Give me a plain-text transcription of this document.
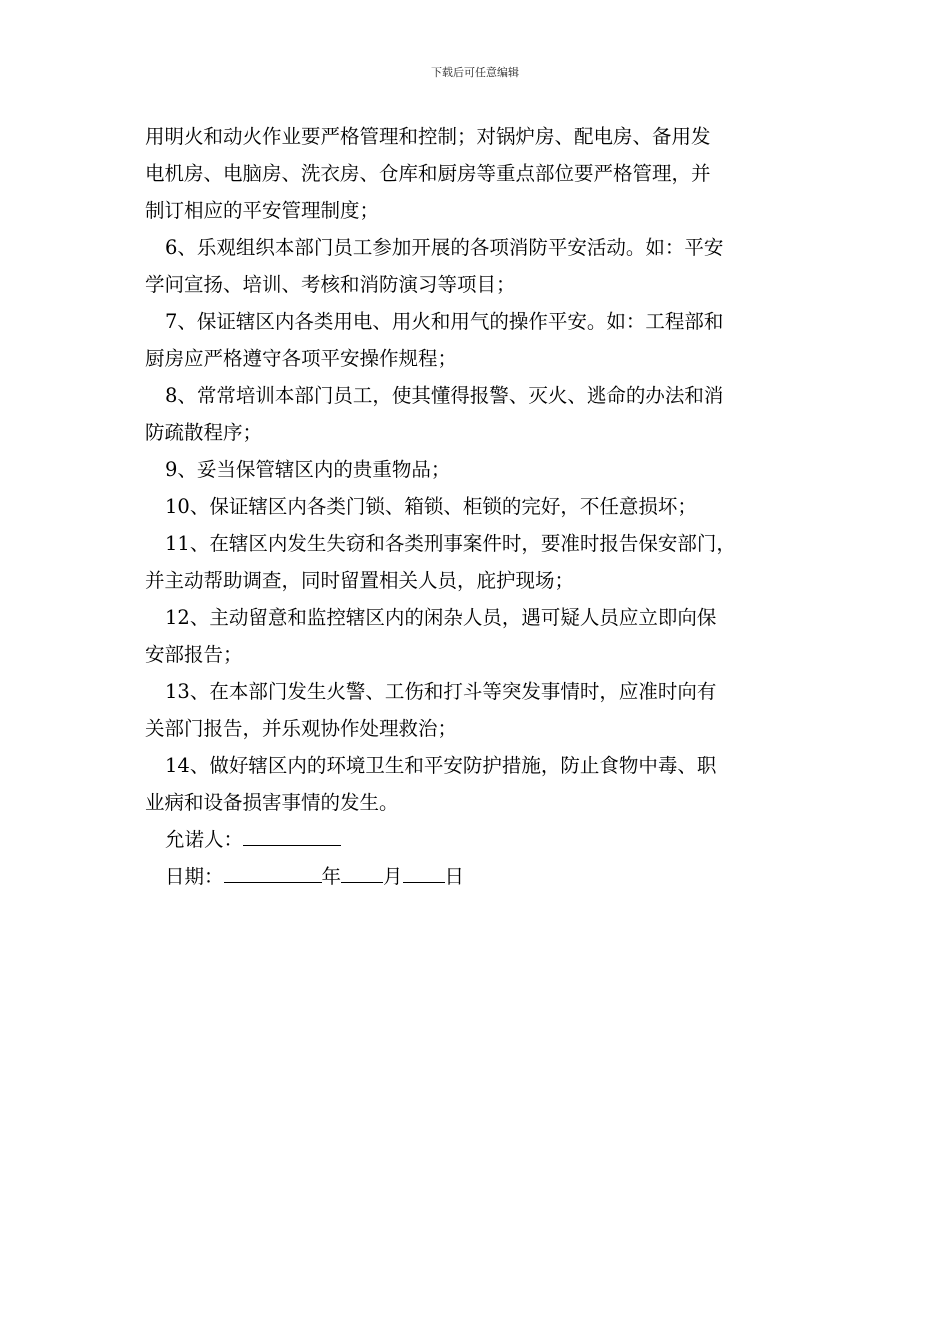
下载后可任意编辑
用明火和动火作业要严格管理和控制；对锅炉房、配电房、备用发
电机房、电脑房、洗衣房、仓库和厨房等重点部位要严格管理，并
制订相应的平安管理制度；
6、乐观组织本部门员工参加开展的各项消防平安活动。如：平安
学问宣扬、培训、考核和消防演习等项目；
7、保证辖区内各类用电、用火和用气的操作平安。如：工程部和
厨房应严格遵守各项平安操作规程；
8、常常培训本部门员工，使其懂得报警、灭火、逃命的办法和消
防疏散程序；
9、妥当保管辖区内的贵重物品；
10、保证辖区内各类门锁、箱锁、柜锁的完好，不任意损坏；
11、在辖区内发生失窃和各类刑事案件时，要准时报告保安部门，
并主动帮助调查，同时留置相关人员，庇护现场；
12、主动留意和监控辖区内的闲杂人员，遇可疑人员应立即向保
安部报告；
13、在本部门发生火警、工伤和打斗等突发事情时，应准时向有
关部门报告，并乐观协作处理救治；
14、做好辖区内的环境卫生和平安防护措施，防止食物中毒、职
业病和设备损害事情的发生。
允诺人：
日期：	年 月 日
